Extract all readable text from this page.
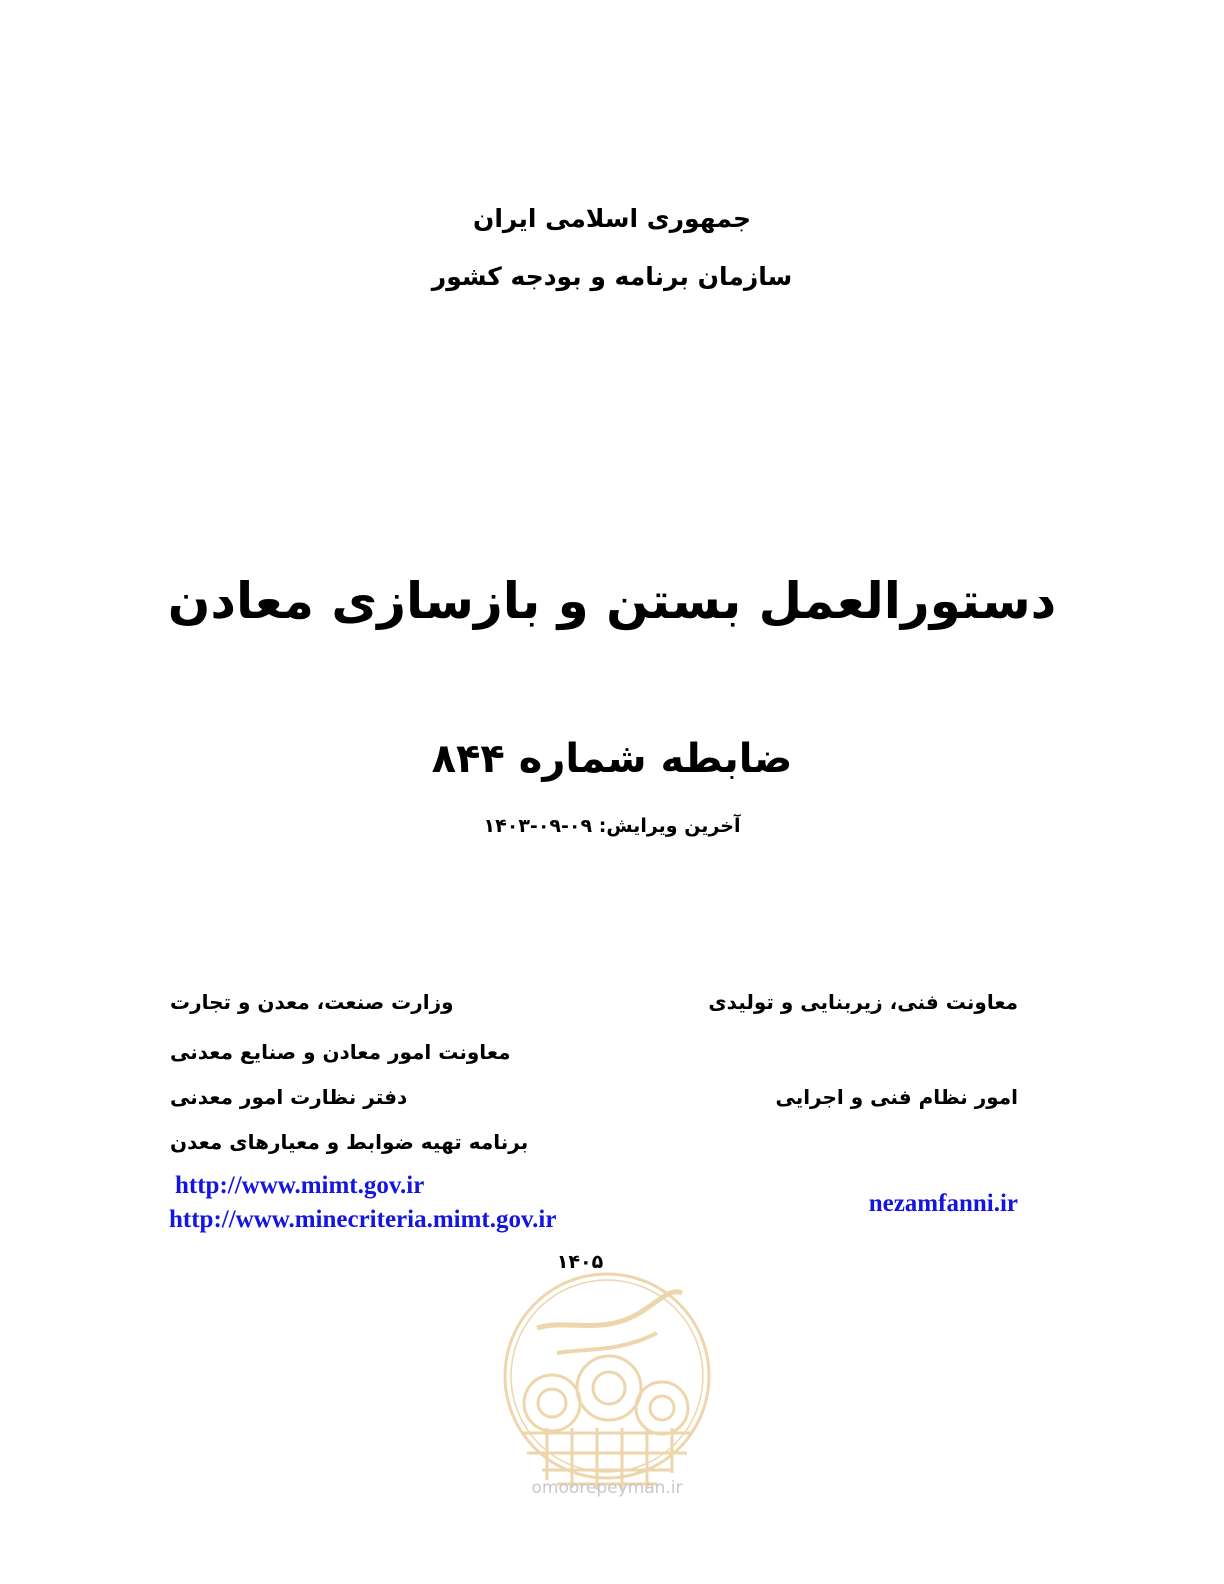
جمهوری اسلامی ایران
سازمان برنامه و بودجه کشور
دستورالعمل بستن و بازسازی معادن
ضابطه شماره ۸۴۴
آخرین ویرایش: ۰۹-۰۹-۱۴۰۳
معاونت فنی، زیربنایی و تولیدی
امور نظام فنی و اجرایی
nezamfanni.ir
وزارت صنعت، معدن و تجارت
معاونت امور معادن و صنایع معدنی
دفتر نظارت امور معدنی
برنامه تهیه ضوابط و معیارهای معدن
http://www.mimt.gov.ir
http://www.minecriteria.mimt.gov.ir
۱۴۰۵
omoorepeyman.ir
